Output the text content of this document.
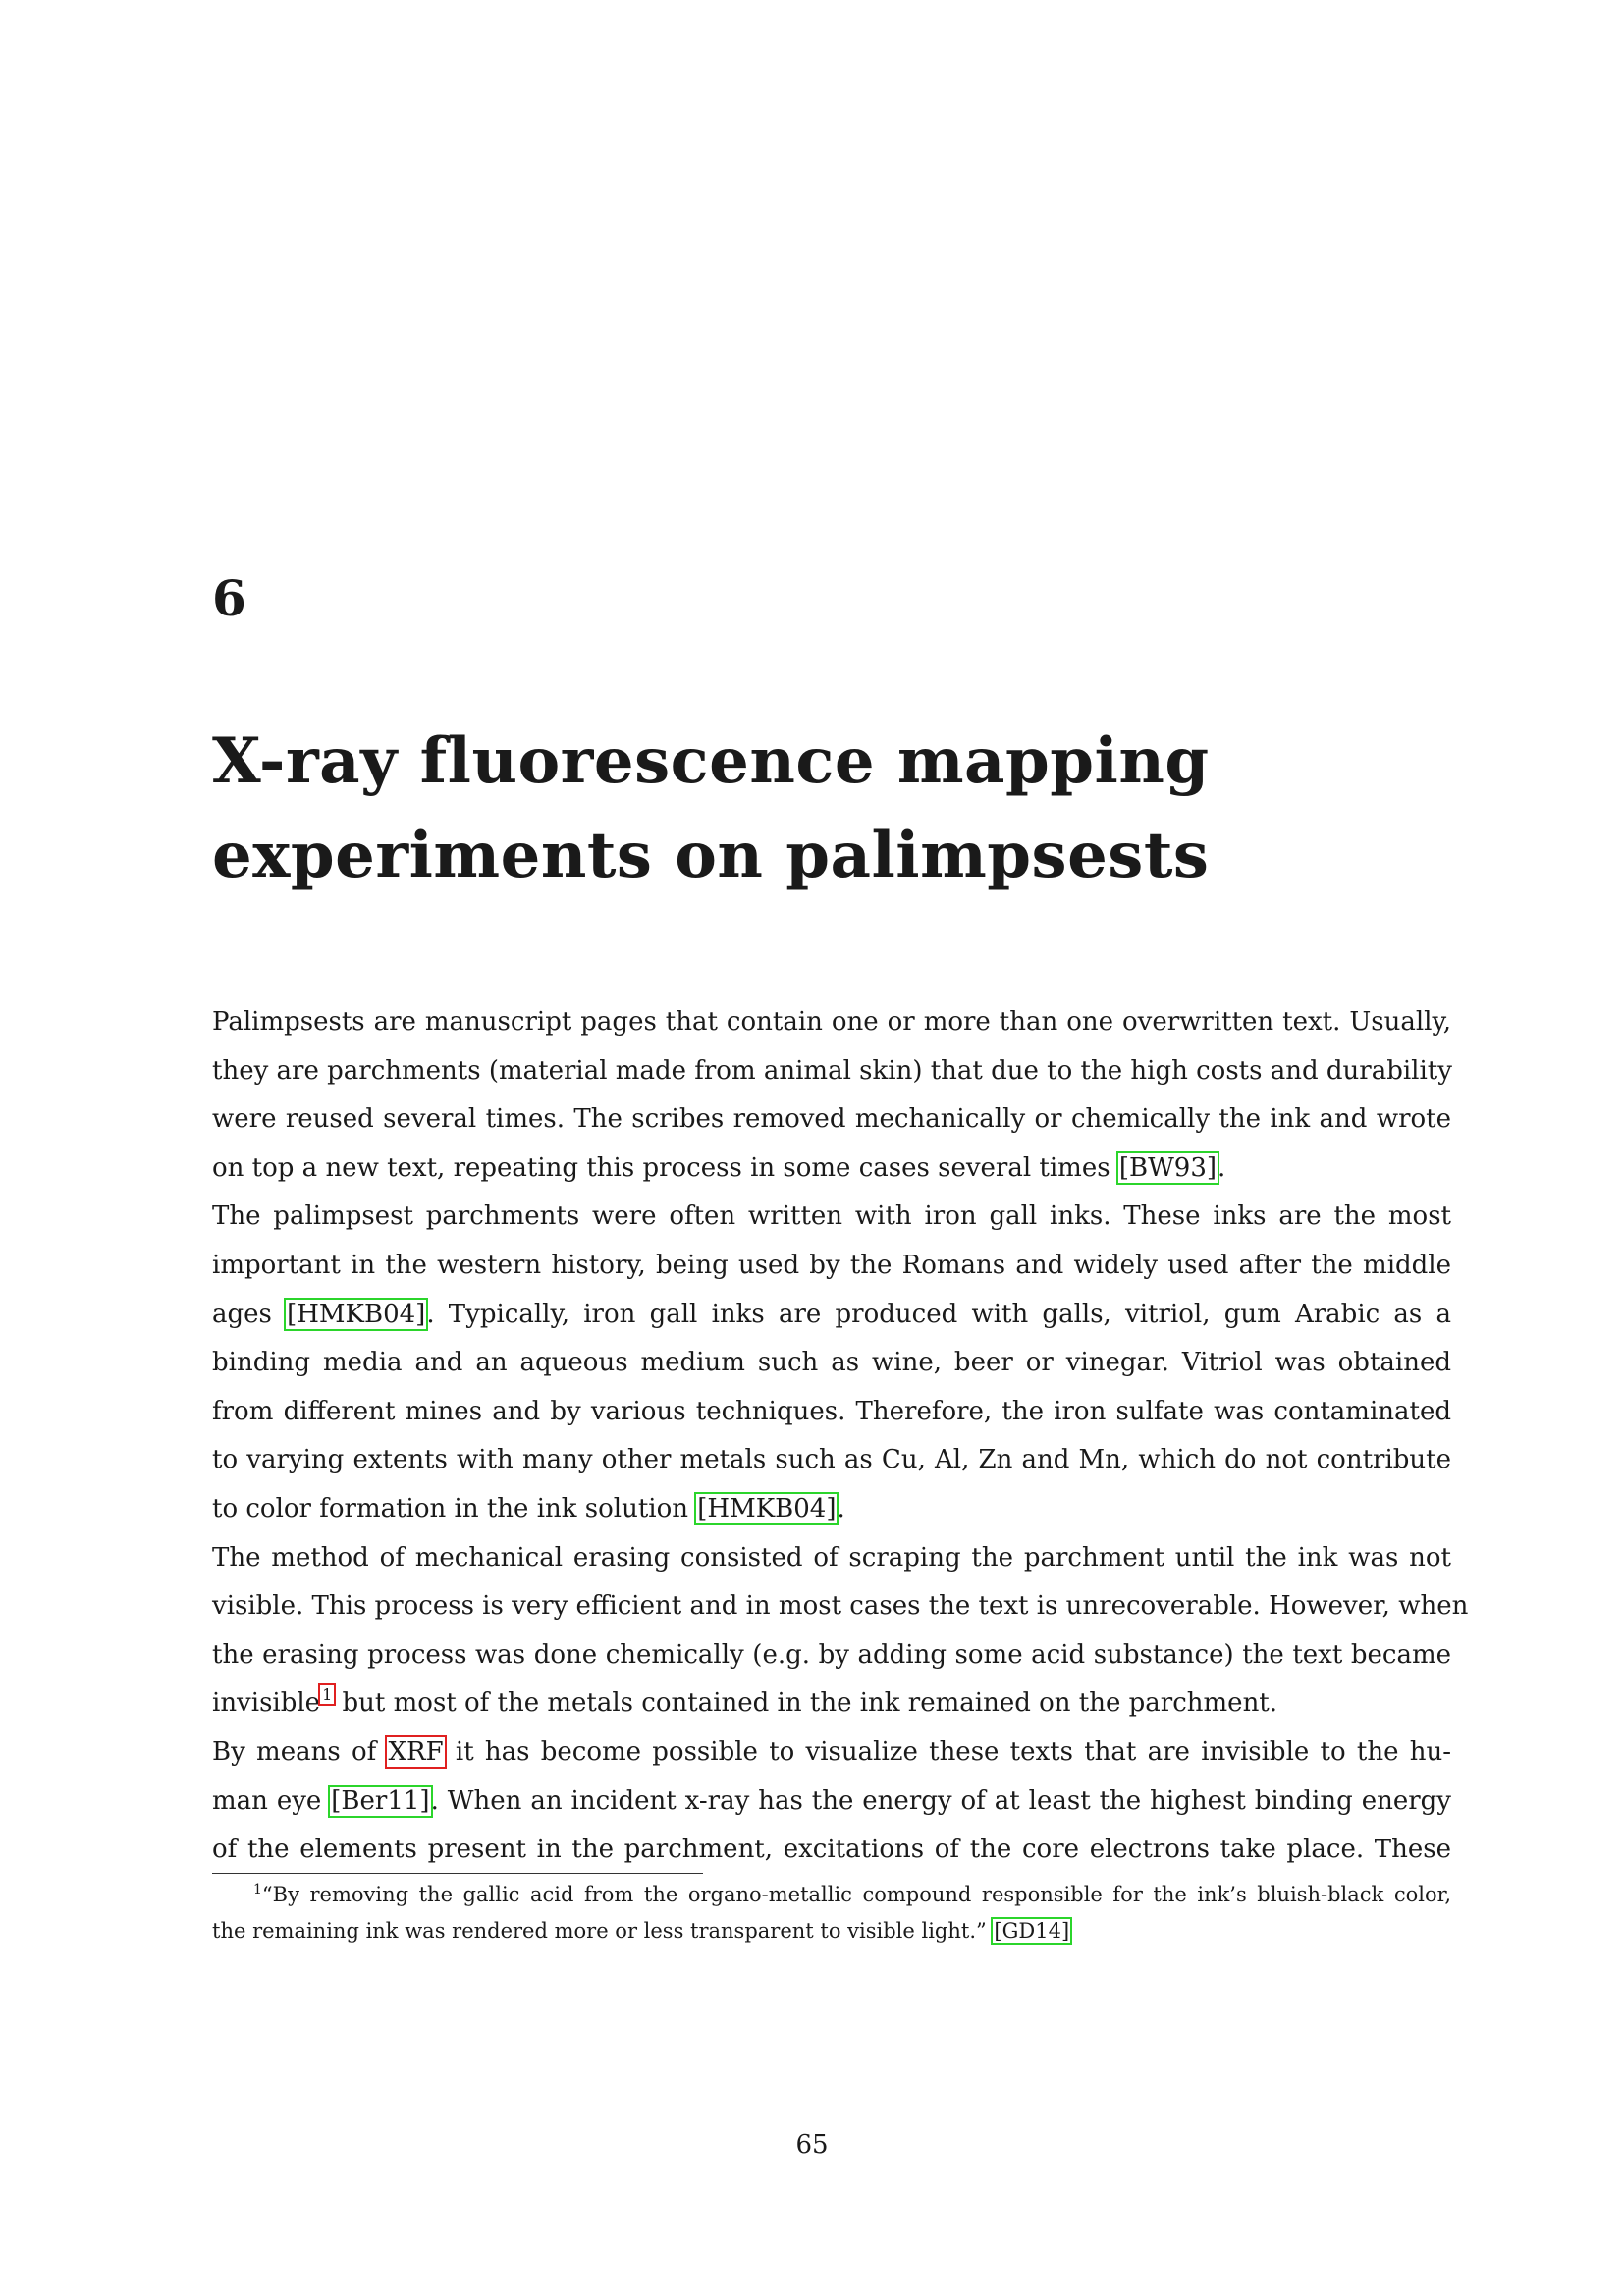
6
X-ray fluorescence mapping
experiments on palimpsests
Palimpsests are manuscript pages that contain one or more than one overwritten text. Usually,
they are parchments (material made from animal skin) that due to the high costs and durability
were reused several times. The scribes removed mechanically or chemically the ink and wrote
on top a new text, repeating this process in some cases several times [BW93].
The palimpsest parchments were often written with iron gall inks. These inks are the most
important in the western history, being used by the Romans and widely used after the middle
ages [HMKB04]. Typically, iron gall inks are produced with galls, vitriol, gum Arabic as a
binding media and an aqueous medium such as wine, beer or vinegar. Vitriol was obtained
from different mines and by various techniques. Therefore, the iron sulfate was contaminated
to varying extents with many other metals such as Cu, Al, Zn and Mn, which do not contribute
to color formation in the ink solution [HMKB04].
The method of mechanical erasing consisted of scraping the parchment until the ink was not
visible. This process is very efficient and in most cases the text is unrecoverable. However, when
the erasing process was done chemically (e.g. by adding some acid substance) the text became
invisible $^1$ but most of the metals contained in the ink remained on the parchment.
By means of XRF it has become possible to visualize these texts that are invisible to the hu-
man eye [Ber11]. When an incident x-ray has the energy of at least the highest binding energy
of the elements present in the parchment, excitations of the core electrons take place. These
$^1$“By removing the gallic acid from the organo-metallic compound responsible for the ink’s bluish-black color,
the remaining ink was rendered more or less transparent to visible light.” [GD14]
65
